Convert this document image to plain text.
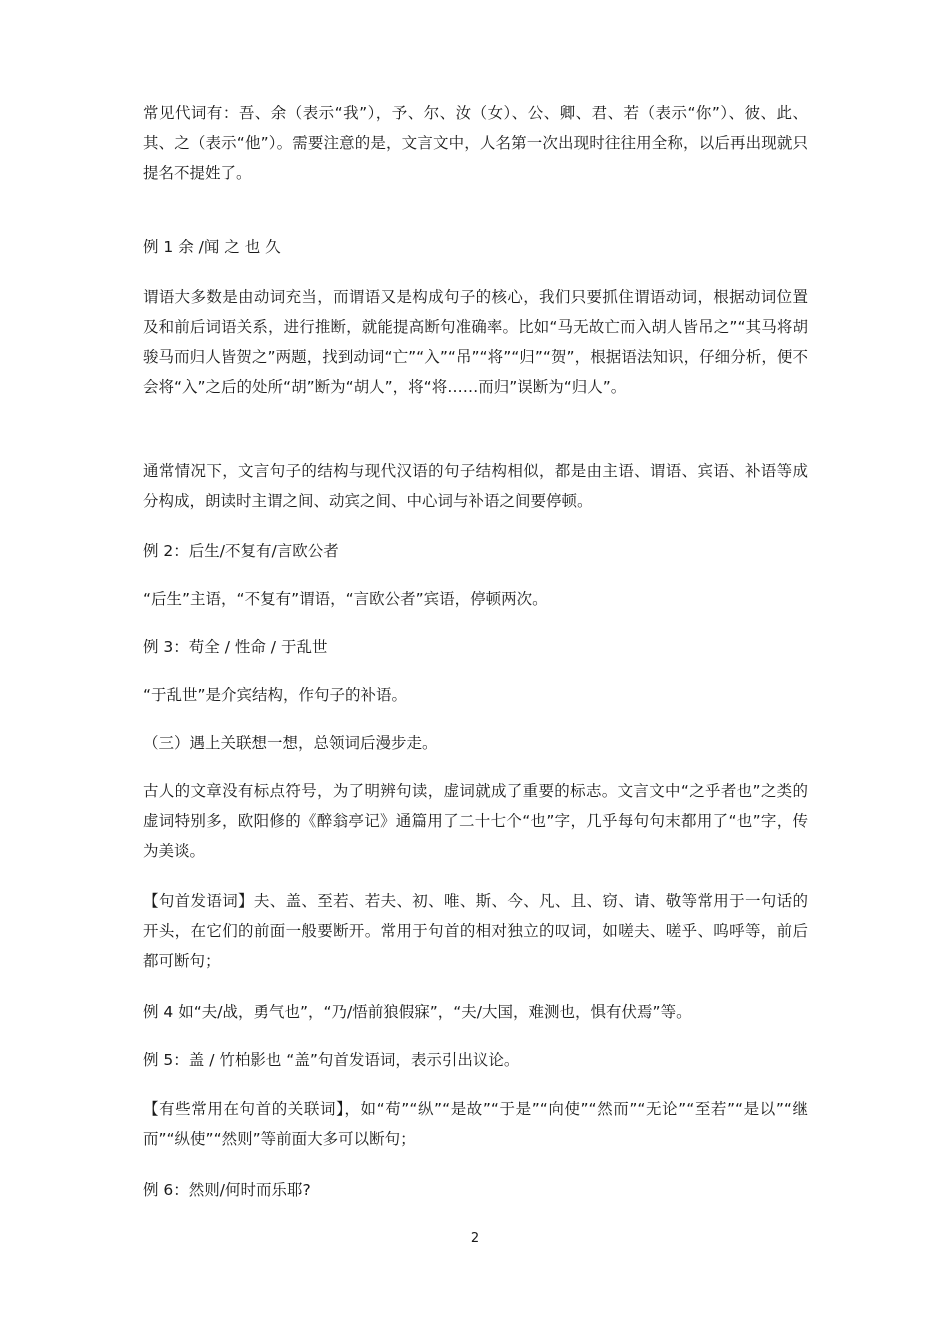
常见代词有：吾、余（表示“我”），予、尔、汝（女）、公、卿、君、若（表示“你”）、彼、此、其、之（表示“他”）。需要注意的是，文言文中，人名第一次出现时往往用全称，以后再出现就只提名不提姓了。

例 1 余 /闻 之 也 久

谓语大多数是由动词充当，而谓语又是构成句子的核心，我们只要抓住谓语动词，根据动词位置及和前后词语关系，进行推断，就能提高断句准确率。比如“马无故亡而入胡人皆吊之”“其马将胡骏马而归人皆贺之”两题，找到动词“亡”“入”“吊”“将”“归”“贺”，根据语法知识，仔细分析，便不会将“入”之后的处所“胡”断为“胡人”，将“将……而归”误断为“归人”。

通常情况下，文言句子的结构与现代汉语的句子结构相似，都是由主语、谓语、宾语、补语等成分构成，朗读时主谓之间、动宾之间、中心词与补语之间要停顿。

例 2：后生/不复有/言欧公者

“后生”主语，“不复有”谓语，“言欧公者”宾语，停顿两次。

例 3：苟全 / 性命 / 于乱世

“于乱世”是介宾结构，作句子的补语。

（三）遇上关联想一想，总领词后漫步走。

古人的文章没有标点符号，为了明辨句读，虚词就成了重要的标志。文言文中“之乎者也”之类的虚词特别多，欧阳修的《醉翁亭记》通篇用了二十七个“也”字，几乎每句句末都用了“也”字，传为美谈。

【句首发语词】夫、盖、至若、若夫、初、唯、斯、今、凡、且、窃、请、敬等常用于一句话的开头，在它们的前面一般要断开。常用于句首的相对独立的叹词，如嗟夫、嗟乎、呜呼等，前后都可断句；

例 4 如“夫/战，勇气也”，“乃/悟前狼假寐”，“夫/大国，难测也，惧有伏焉”等。

例 5：盖 / 竹柏影也 “盖”句首发语词，表示引出议论。

【有些常用在句首的关联词】，如“苟”“纵”“是故”“于是”“向使”“然而”“无论”“至若”“是以”“继而”“纵使”“然则”等前面大多可以断句；

例 6：然则/何时而乐耶?

2
